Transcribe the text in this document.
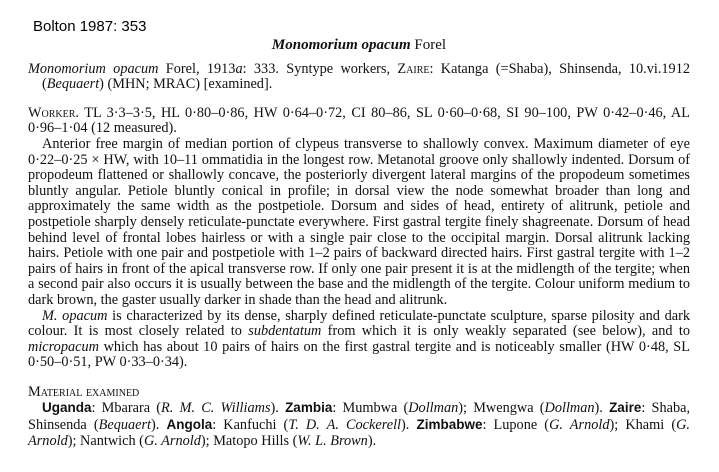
Bolton 1987: 353
Monomorium opacum Forel

Monomorium opacum Forel, 1913a: 333. Syntype workers, Zaire: Katanga (=Shaba), Shinsenda, 10.vi.1912 (Bequaert) (MHN; MRAC) [examined].

Worker. TL 3·3–3·5, HL 0·80–0·86, HW 0·64–0·72, CI 80–86, SL 0·60–0·68, SI 90–100, PW 0·42–0·46, AL 0·96–1·04 (12 measured).

Anterior free margin of median portion of clypeus transverse to shallowly convex. Maximum diameter of eye 0·22–0·25 × HW, with 10–11 ommatidia in the longest row. Metanotal groove only shallowly indented. Dorsum of propodeum flattened or shallowly concave, the posteriorly divergent lateral margins of the propodeum sometimes bluntly angular. Petiole bluntly conical in profile; in dorsal view the node somewhat broader than long and approximately the same width as the postpetiole. Dorsum and sides of head, entirety of alitrunk, petiole and postpetiole sharply densely reticulate-punctate everywhere. First gastral tergite finely shagreenate. Dorsum of head behind level of frontal lobes hairless or with a single pair close to the occipital margin. Dorsal alitrunk lacking hairs. Petiole with one pair and postpetiole with 1–2 pairs of backward directed hairs. First gastral tergite with 1–2 pairs of hairs in front of the apical transverse row. If only one pair present it is at the midlength of the tergite; when a second pair also occurs it is usually between the base and the midlength of the tergite. Colour uniform medium to dark brown, the gaster usually darker in shade than the head and alitrunk.

M. opacum is characterized by its dense, sharply defined reticulate-punctate sculpture, sparse pilosity and dark colour. It is most closely related to subdentatum from which it is only weakly separated (see below), and to micropacum which has about 10 pairs of hairs on the first gastral tergite and is noticeably smaller (HW 0·48, SL 0·50–0·51, PW 0·33–0·34).

Material examined

Uganda: Mbarara (R. M. C. Williams). Zambia: Mumbwa (Dollman); Mwengwa (Dollman). Zaire: Shaba, Shinsenda (Bequaert). Angola: Kanfuchi (T. D. A. Cockerell). Zimbabwe: Lupone (G. Arnold); Khami (G. Arnold); Nantwich (G. Arnold); Matopo Hills (W. L. Brown).
